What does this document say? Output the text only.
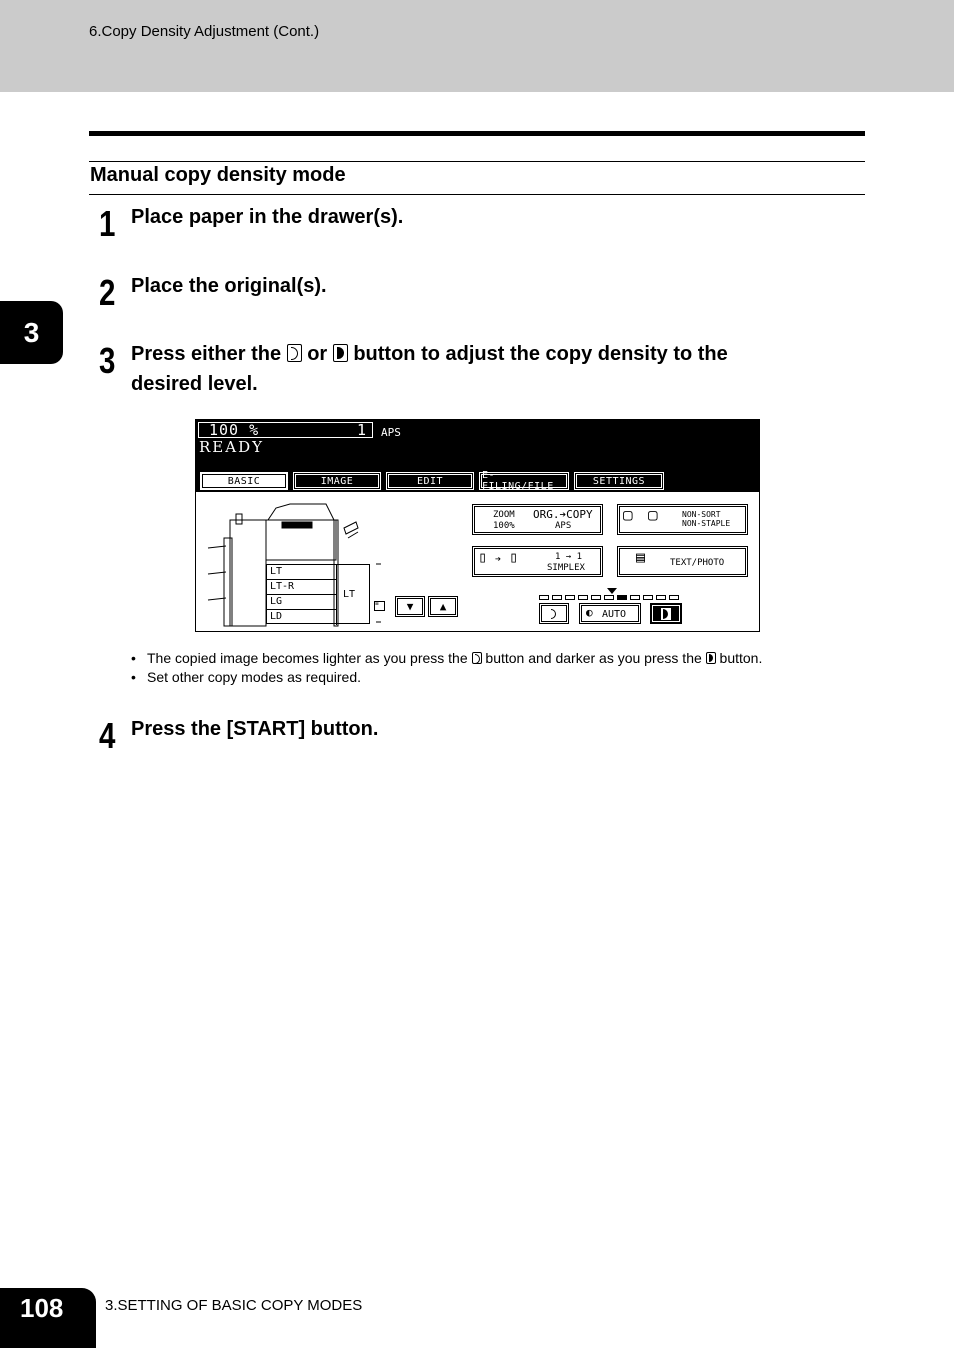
6.Copy Density Adjustment (Cont.)
3
Manual copy density mode
1 Place paper in the drawer(s).
2 Place the original(s).
3 Press either the or button to adjust the copy density to the
desired level.
100 %	1 APS
READY
BASIC	IMAGE	EDIT	E-FILING/FILE	SETTINGS
LT
LT-R
LG
LD
LT
≡	▼	▲
ZOOM
100%
ORG.➔COPY
APS
▢ ▢	NON-SORT
NON-STAPLE
▯ ➔ ▯	1 → 1
SIMPLEX
▤	TEXT/PHOTO
◐ AUTO
• The copied image becomes lighter as you press the button and darker as you press the button.
• Set other copy modes as required.
4 Press the [START] button.
108	3.SETTING OF BASIC COPY MODES
